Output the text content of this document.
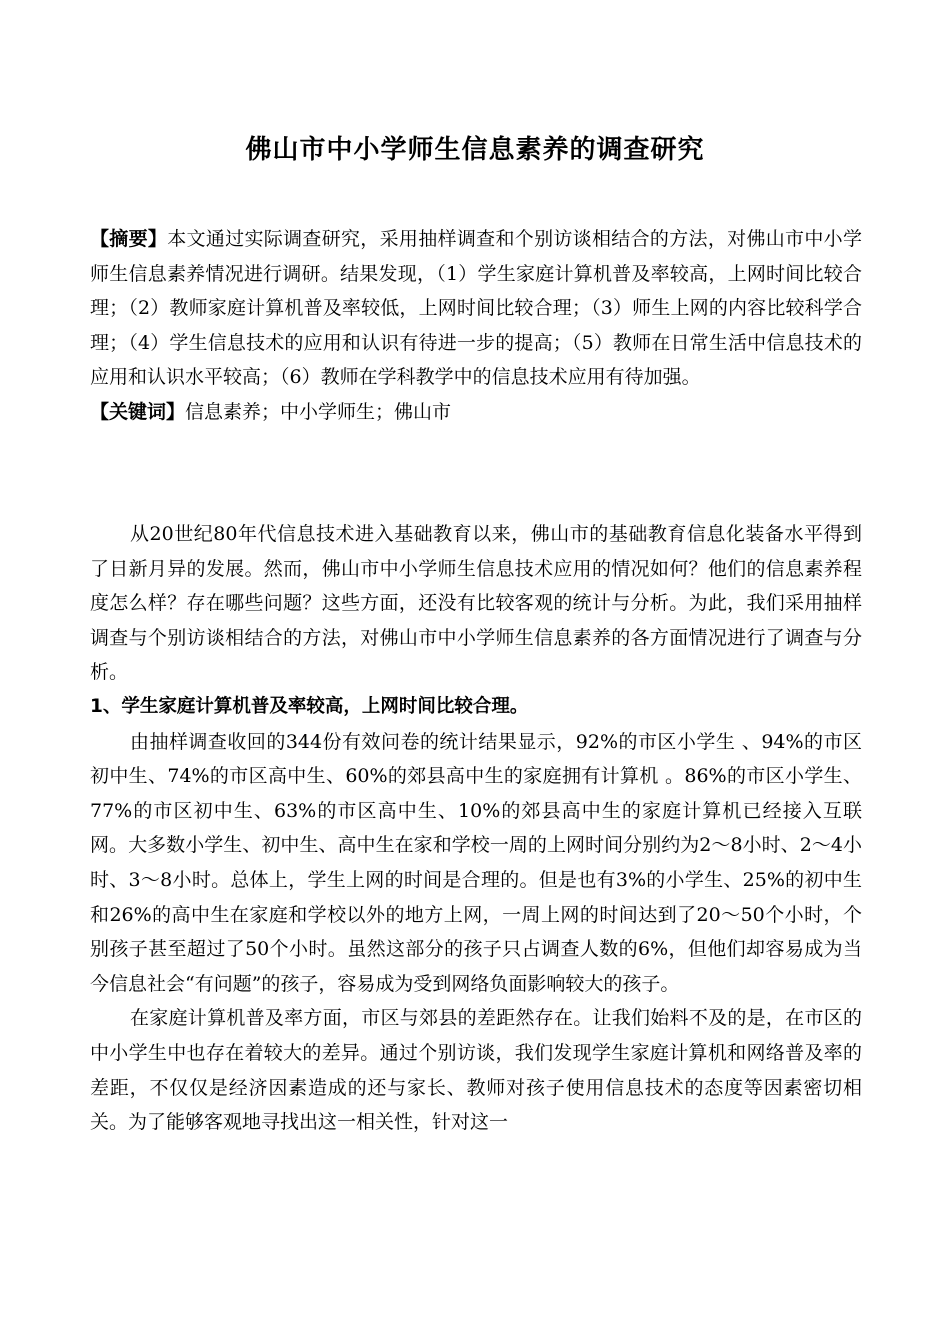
佛山市中小学师生信息素养的调查研究

【摘要】本文通过实际调查研究，采用抽样调查和个别访谈相结合的方法，对佛山市中小学师生信息素养情况进行调研。结果发现，（1）学生家庭计算机普及率较高，上网时间比较合理；（2）教师家庭计算机普及率较低，上网时间比较合理；（3）师生上网的内容比较科学合理；（4）学生信息技术的应用和认识有待进一步的提高；（5）教师在日常生活中信息技术的应用和认识水平较高；（6）教师在学科教学中的信息技术应用有待加强。

【关键词】信息素养；中小学师生；佛山市

从20世纪80年代信息技术进入基础教育以来，佛山市的基础教育信息化装备水平得到了日新月异的发展。然而，佛山市中小学师生信息技术应用的情况如何？他们的信息素养程度怎么样？存在哪些问题？这些方面，还没有比较客观的统计与分析。为此，我们采用抽样调查与个别访谈相结合的方法，对佛山市中小学师生信息素养的各方面情况进行了调查与分析。

1、学生家庭计算机普及率较高，上网时间比较合理。

由抽样调查收回的344份有效问卷的统计结果显示，92%的市区小学生 、94%的市区初中生、74%的市区高中生、60%的郊县高中生的家庭拥有计算机 。86%的市区小学生、77%的市区初中生、63%的市区高中生、10%的郊县高中生的家庭计算机已经接入互联网。大多数小学生、初中生、高中生在家和学校一周的上网时间分别约为2～8小时、2～4小时、3～8小时。总体上，学生上网的时间是合理的。但是也有3%的小学生、25%的初中生和26%的高中生在家庭和学校以外的地方上网，一周上网的时间达到了20～50个小时，个别孩子甚至超过了50个小时。虽然这部分的孩子只占调查人数的6%，但他们却容易成为当今信息社会“有问题”的孩子，容易成为受到网络负面影响较大的孩子。

在家庭计算机普及率方面，市区与郊县的差距然存在。让我们始料不及的是，在市区的中小学生中也存在着较大的差异。通过个别访谈，我们发现学生家庭计算机和网络普及率的差距，不仅仅是经济因素造成的还与家长、教师对孩子使用信息技术的态度等因素密切相关。为了能够客观地寻找出这一相关性，针对这一
